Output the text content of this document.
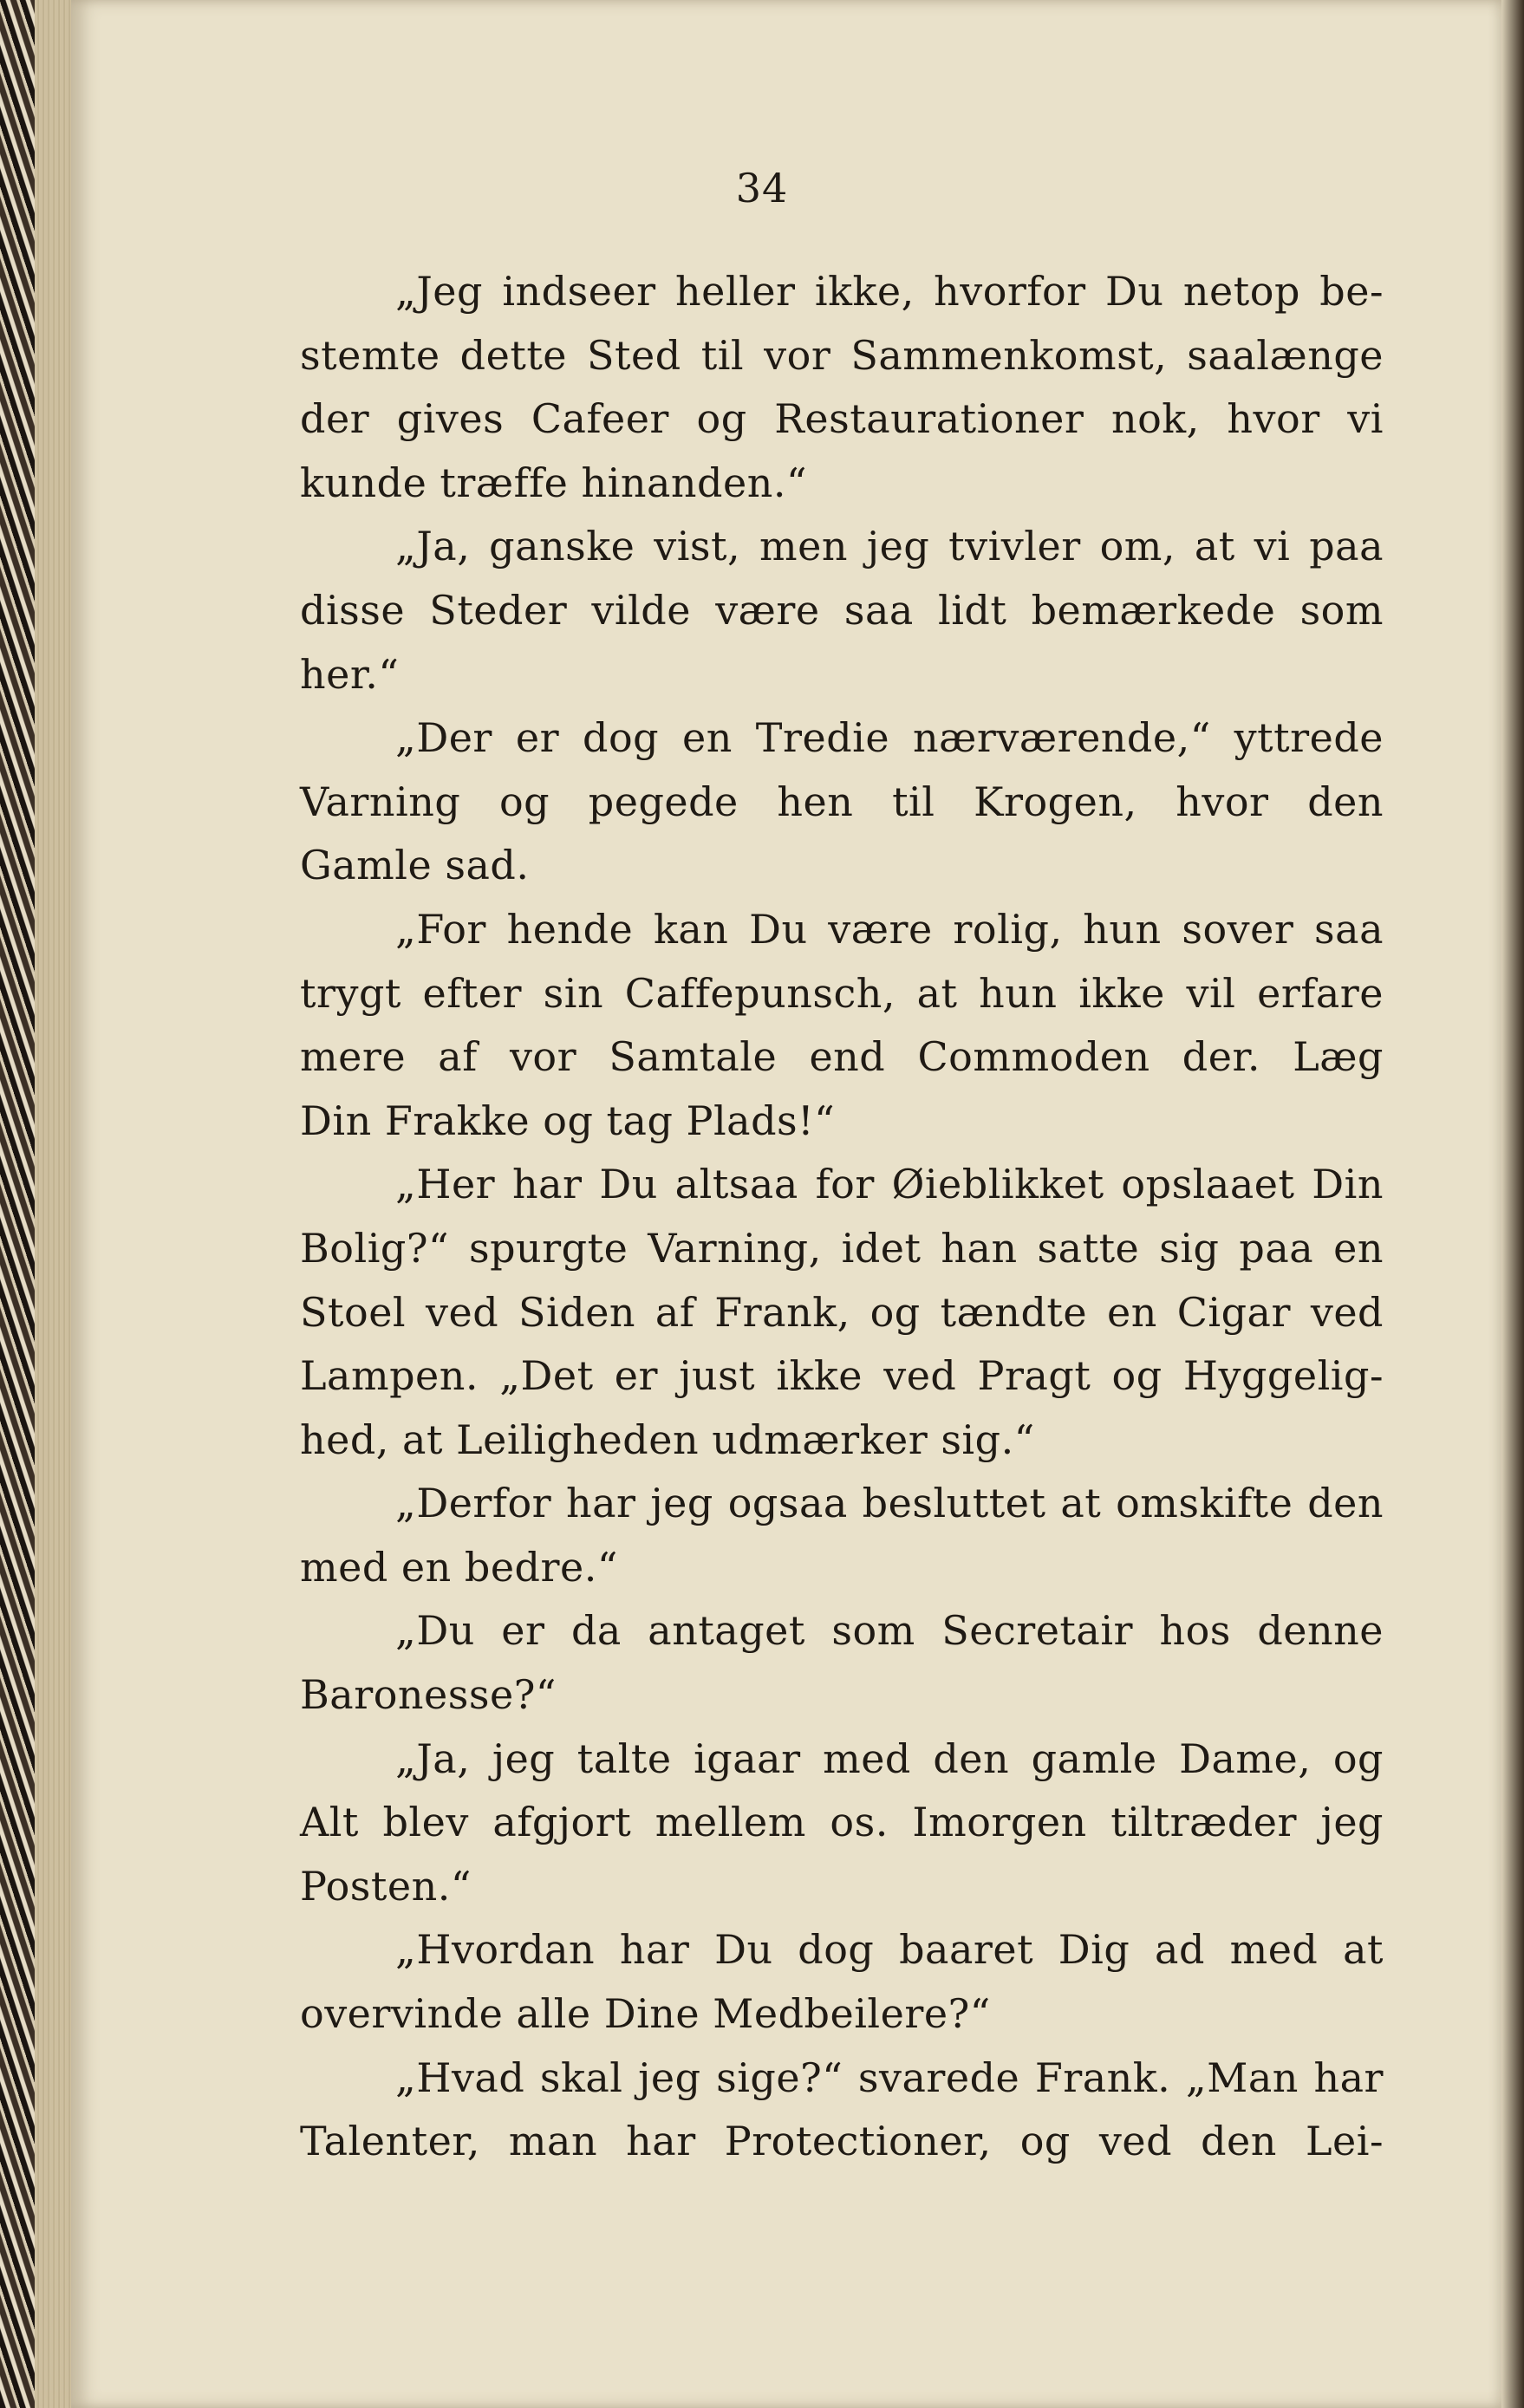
34
„Jeg indseer heller ikke, hvorfor Du netop be-
stemte dette Sted til vor Sammenkomst, saalænge
der gives Cafeer og Restaurationer nok, hvor vi
kunde træffe hinanden.“
„Ja, ganske vist, men jeg tvivler om, at vi paa
disse Steder vilde være saa lidt bemærkede som
her.“
„Der er dog en Tredie nærværende,“ yttrede
Varning og pegede hen til Krogen, hvor den
Gamle sad.
„For hende kan Du være rolig, hun sover saa
trygt efter sin Caffepunsch, at hun ikke vil erfare
mere af vor Samtale end Commoden der. Læg
Din Frakke og tag Plads!“
„Her har Du altsaa for Øieblikket opslaaet Din
Bolig?“ spurgte Varning, idet han satte sig paa en
Stoel ved Siden af Frank, og tændte en Cigar ved
Lampen. „Det er just ikke ved Pragt og Hyggelig-
hed, at Leiligheden udmærker sig.“
„Derfor har jeg ogsaa besluttet at omskifte den
med en bedre.“
„Du er da antaget som Secretair hos denne
Baronesse?“
„Ja, jeg talte igaar med den gamle Dame, og
Alt blev afgjort mellem os. Imorgen tiltræder jeg
Posten.“
„Hvordan har Du dog baaret Dig ad med at
overvinde alle Dine Medbeilere?“
„Hvad skal jeg sige?“ svarede Frank. „Man har
Talenter, man har Protectioner, og ved den Lei-
